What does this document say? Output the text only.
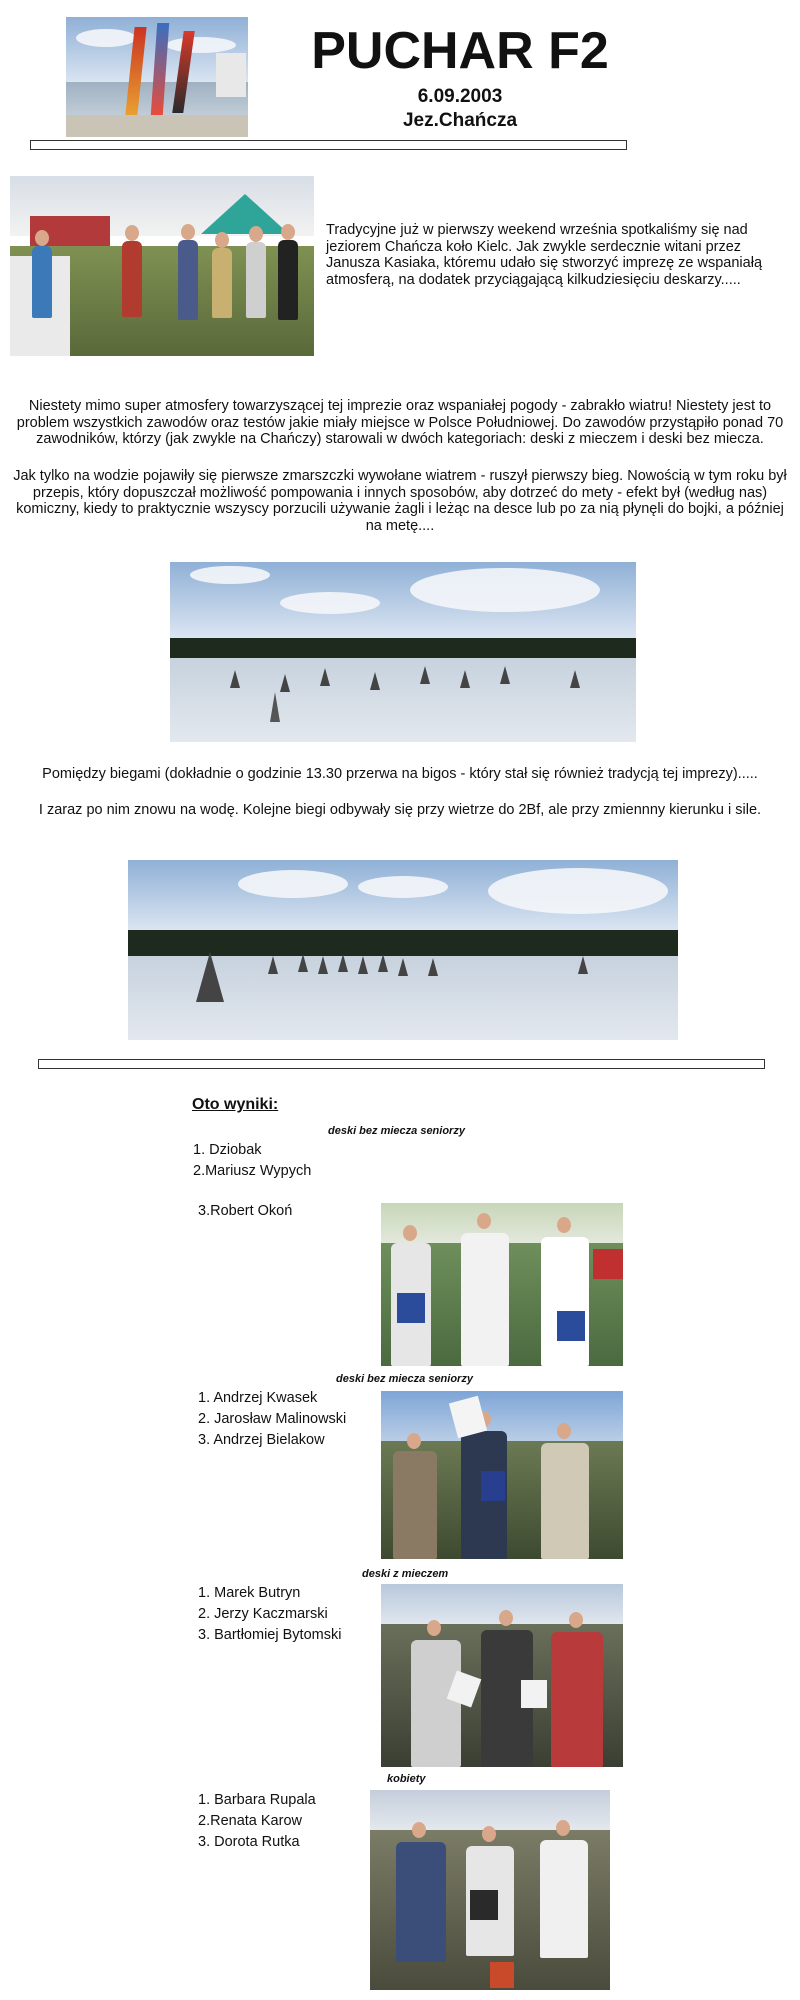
PUCHAR F2
6.09.2003
Jez.Chańcza
Tradycyjne już w pierwszy weekend września spotkaliśmy się nad jeziorem Chańcza koło Kielc. Jak zwykle serdecznie witani przez Janusza Kasiaka, któremu udało się stworzyć imprezę ze wspaniałą atmosferą, na dodatek przyciągającą kilkudziesięciu deskarzy.....
Niestety mimo super atmosfery towarzyszącej tej imprezie oraz wspaniałej pogody - zabrakło wiatru! Niestety jest to problem wszystkich zawodów oraz testów jakie miały miejsce w Polsce Południowej. Do zawodów przystąpiło ponad 70 zawodników, którzy (jak zwykle na Chańczy) starowali w dwóch kategoriach: deski z mieczem i deski bez miecza.
Jak tylko na wodzie pojawiły się pierwsze zmarszczki wywołane wiatrem - ruszył pierwszy bieg. Nowością w tym roku był przepis, który dopuszczał możliwość pompowania i innych sposobów, aby dotrzeć do mety - efekt był (według nas) komiczny, kiedy to praktycznie wszyscy porzucili używanie żagli i leżąc na desce lub po za nią płynęli do bojki, a później na metę....
Pomiędzy biegami (dokładnie o godzinie 13.30 przerwa na bigos - który stał się również tradycją tej imprezy).....
I zaraz po nim znowu na wodę. Kolejne biegi odbywały się przy wietrze do 2Bf, ale przy zmiennny kierunku i sile.
Oto wyniki:
deski bez miecza seniorzy
1. Dziobak
2.Mariusz Wypych
3.Robert Okoń
deski bez miecza seniorzy
1. Andrzej Kwasek
2. Jarosław Malinowski
3. Andrzej Bielakow
deski z mieczem
1. Marek Butryn
2. Jerzy Kaczmarski
3. Bartłomiej Bytomski
kobiety
1. Barbara Rupala
2.Renata Karow
3. Dorota Rutka
